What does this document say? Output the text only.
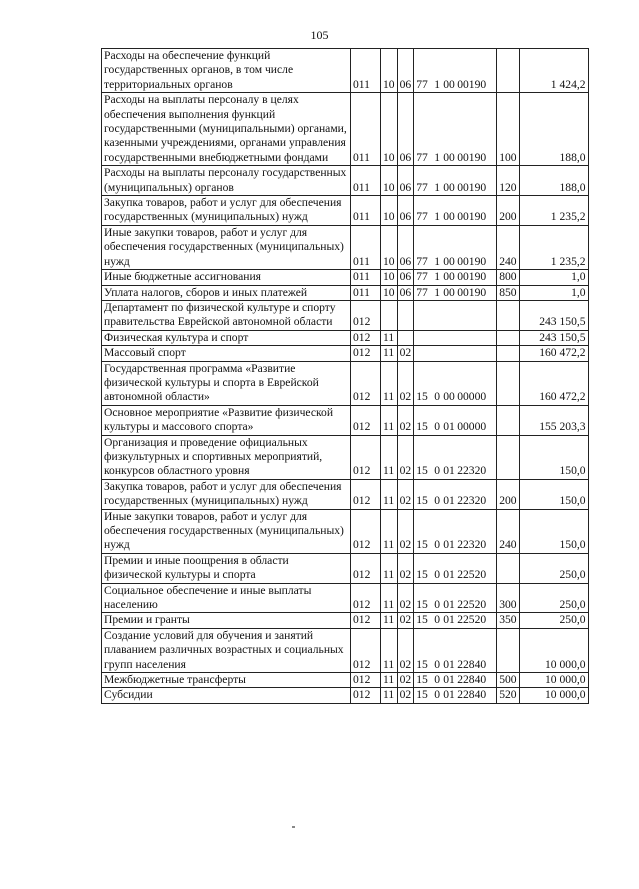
105
Расходы на обеспечение функций государственных органов, в том числе территориальных органов	011	10	06	77 1 00 00190		1 424,2
Расходы на выплаты персоналу в целях обеспечения выполнения функций государственными (муниципальными) органами, казенными учреждениями, органами управления государственными внебюджетными фондами	011	10	06	77 1 00 00190	100	188,0
Расходы на выплаты персоналу государственных (муниципальных) органов	011	10	06	77 1 00 00190	120	188,0
Закупка товаров, работ и услуг для обеспечения государственных (муниципальных) нужд	011	10	06	77 1 00 00190	200	1 235,2
Иные закупки товаров, работ и услуг для обеспечения государственных (муниципальных) нужд	011	10	06	77 1 00 00190	240	1 235,2
Иные бюджетные ассигнования	011	10	06	77 1 00 00190	800	1,0
Уплата налогов, сборов и иных платежей	011	10	06	77 1 00 00190	850	1,0
Департамент по физической культуре и спорту правительства Еврейской автономной области	012					243 150,5
Физическая культура и спорт	012	11				243 150,5
Массовый спорт	012	11	02			160 472,2
Государственная программа «Развитие физической культуры и спорта в Еврейской автономной области»	012	11	02	15 0 00 00000		160 472,2
Основное мероприятие «Развитие физической культуры и массового спорта»	012	11	02	15 0 01 00000		155 203,3
Организация и проведение официальных физкультурных и спортивных мероприятий, конкурсов областного уровня	012	11	02	15 0 01 22320		150,0
Закупка товаров, работ и услуг для обеспечения государственных (муниципальных) нужд	012	11	02	15 0 01 22320	200	150,0
Иные закупки товаров, работ и услуг для обеспечения государственных (муниципальных) нужд	012	11	02	15 0 01 22320	240	150,0
Премии и иные поощрения в области физической культуры и спорта	012	11	02	15 0 01 22520		250,0
Социальное обеспечение и иные выплаты населению	012	11	02	15 0 01 22520	300	250,0
Премии и гранты	012	11	02	15 0 01 22520	350	250,0
Создание условий для обучения и занятий плаванием различных возрастных и социальных групп населения	012	11	02	15 0 01 22840		10 000,0
Межбюджетные трансферты	012	11	02	15 0 01 22840	500	10 000,0
Субсидии	012	11	02	15 0 01 22840	520	10 000,0
